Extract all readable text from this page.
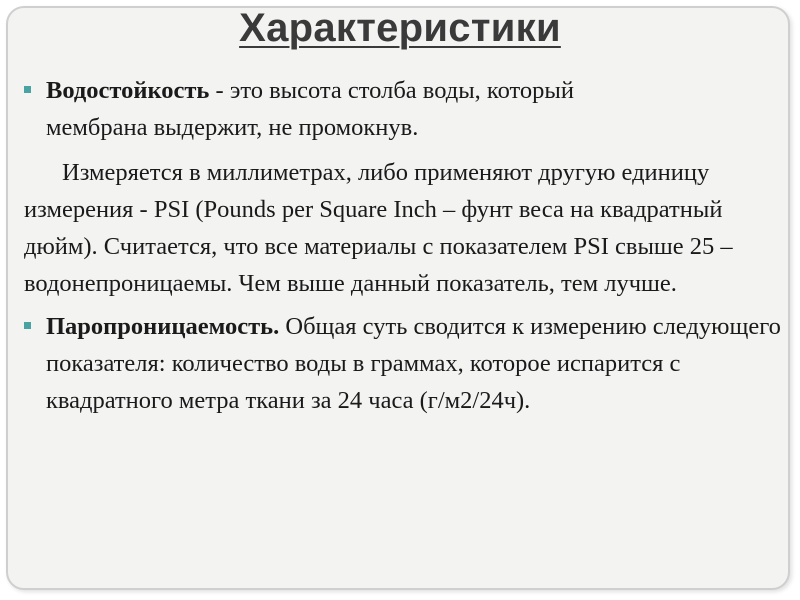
Характеристики
Водостойкость - это высота столба воды, который
мембрана выдержит, не промокнув.

Измеряется в миллиметрах, либо применяют другую единицу измерения - PSI (Pounds per Square Inch – фунт веса на квадратный дюйм). Считается, что все материалы с показателем PSI свыше 25 – водонепроницаемы. Чем выше данный показатель, тем лучше.

Паропроницаемость. Общая суть сводится к измерению следующего показателя: количество воды в граммах, которое испарится с квадратного метра ткани за 24 часа (г/м2/24ч).
